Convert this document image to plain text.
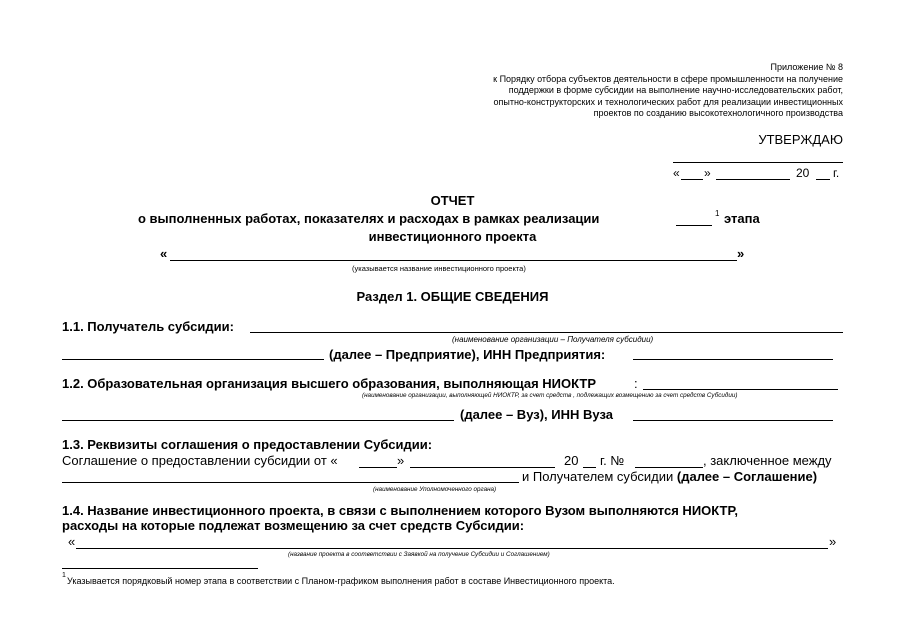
Приложение № 8
к Порядку отбора субъектов деятельности в сфере промышленности на получение
поддержки в форме субсидии на выполнение научно-исследовательских работ,
опытно-конструкторских и технологических работ для реализации инвестиционных
проектов по созданию высокотехнологичного производства
УТВЕРЖДАЮ
« »	20 г.
ОТЧЕТ
о выполненных работах, показателях и расходах в рамках реализации	1 этапа
инвестиционного проекта
«	»
(указывается название инвестиционного проекта)
Раздел 1. ОБЩИЕ СВЕДЕНИЯ
1.1. Получатель субсидии:
(наименование организации – Получателя субсидии)
(далее – Предприятие), ИНН Предприятия:
1.2. Образовательная организация высшего образования, выполняющая НИОКТР	:
(наименование организации, выполняющей НИОКТР, за счет средств , подлежащих возмещению за счет средств Субсидии)
(далее – Вуз), ИНН Вуза
1.3. Реквизиты соглашения о предоставлении Субсидии:
Соглашение о предоставлении субсидии от «	»	20 г. №	, заключенное между
и Получателем субсидии (далее – Соглашение)
(наименование Уполномоченного органа)
1.4. Название инвестиционного проекта, в связи с выполнением которого Вузом выполняются НИОКТР,
расходы на которые подлежат возмещению за счет средств Субсидии:
«	»
(название проекта в соответствии с Заявкой на получение Субсидии и Соглашением)
1
Указывается порядковый номер этапа в соответствии с Планом-графиком выполнения работ в составе Инвестиционного проекта.
